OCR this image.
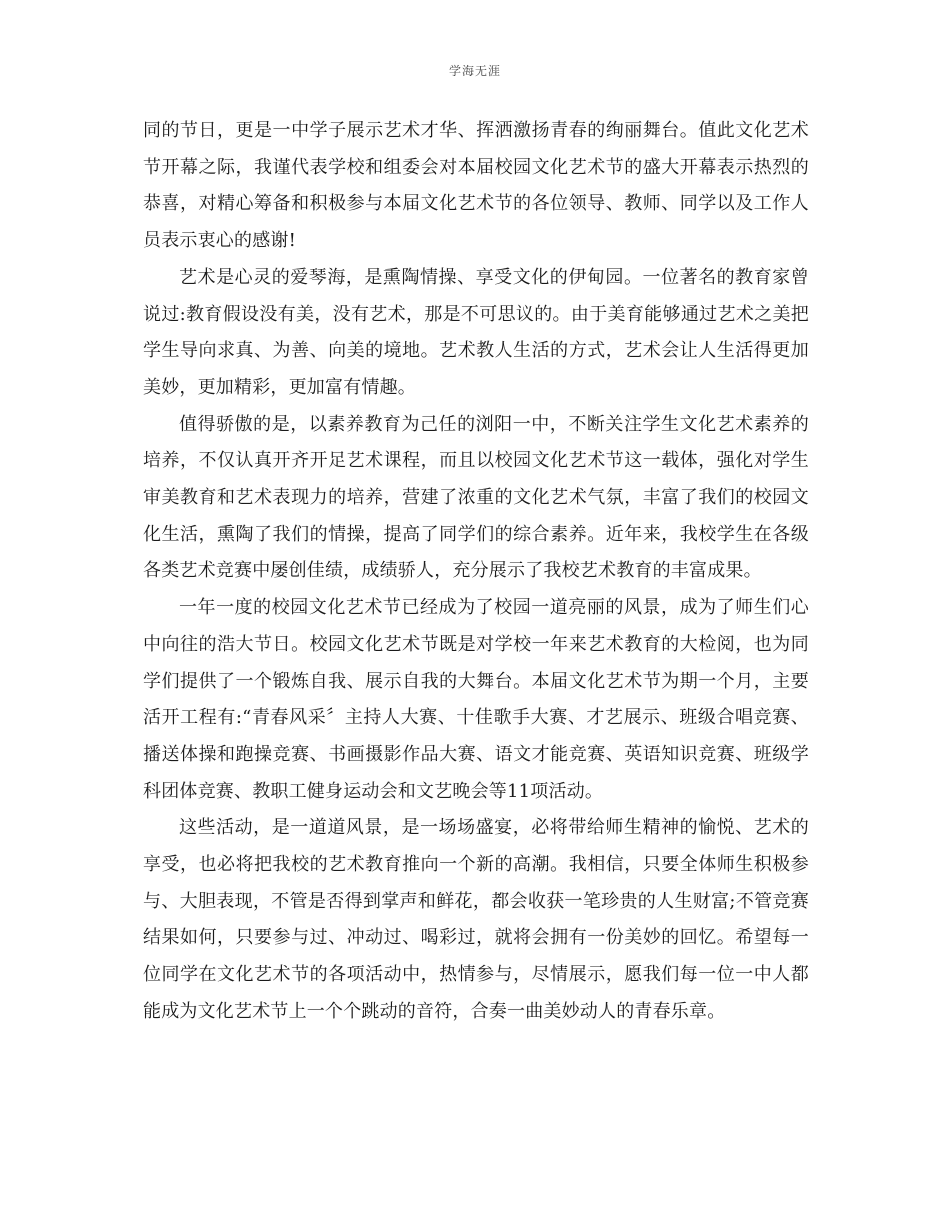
学海无涯

同的节日，更是一中学子展示艺术才华、挥洒激扬青春的绚丽舞台。值此文化艺术节开幕之际，我谨代表学校和组委会对本届校园文化艺术节的盛大开幕表示热烈的恭喜，对精心筹备和积极参与本届文化艺术节的各位领导、教师、同学以及工作人员表示衷心的感谢!

艺术是心灵的爱琴海，是熏陶情操、享受文化的伊甸园。一位著名的教育家曾说过:教育假设没有美，没有艺术，那是不可思议的。由于美育能够通过艺术之美把学生导向求真、为善、向美的境地。艺术教人生活的方式，艺术会让人生活得更加美妙，更加精彩，更加富有情趣。

值得骄傲的是，以素养教育为己任的浏阳一中，不断关注学生文化艺术素养的培养，不仅认真开齐开足艺术课程，而且以校园文化艺术节这一载体，强化对学生审美教育和艺术表现力的培养，营建了浓重的文化艺术气氛，丰富了我们的校园文化生活，熏陶了我们的情操，提高了同学们的综合素养。近年来，我校学生在各级各类艺术竞赛中屡创佳绩，成绩骄人，充分展示了我校艺术教育的丰富成果。

一年一度的校园文化艺术节已经成为了校园一道亮丽的风景，成为了师生们心中向往的浩大节日。校园文化艺术节既是对学校一年来艺术教育的大检阅，也为同学们提供了一个锻炼自我、展示自我的大舞台。本届文化艺术节为期一个月，主要活开工程有:“青春风采〞主持人大赛、十佳歌手大赛、才艺展示、班级合唱竞赛、播送体操和跑操竞赛、书画摄影作品大赛、语文才能竞赛、英语知识竞赛、班级学科团体竞赛、教职工健身运动会和文艺晚会等11项活动。

这些活动，是一道道风景，是一场场盛宴，必将带给师生精神的愉悦、艺术的享受，也必将把我校的艺术教育推向一个新的高潮。我相信，只要全体师生积极参与、大胆表现，不管是否得到掌声和鲜花，都会收获一笔珍贵的人生财富;不管竞赛结果如何，只要参与过、冲动过、喝彩过，就将会拥有一份美妙的回忆。希望每一位同学在文化艺术节的各项活动中，热情参与，尽情展示，愿我们每一位一中人都能成为文化艺术节上一个个跳动的音符，合奏一曲美妙动人的青春乐章。
